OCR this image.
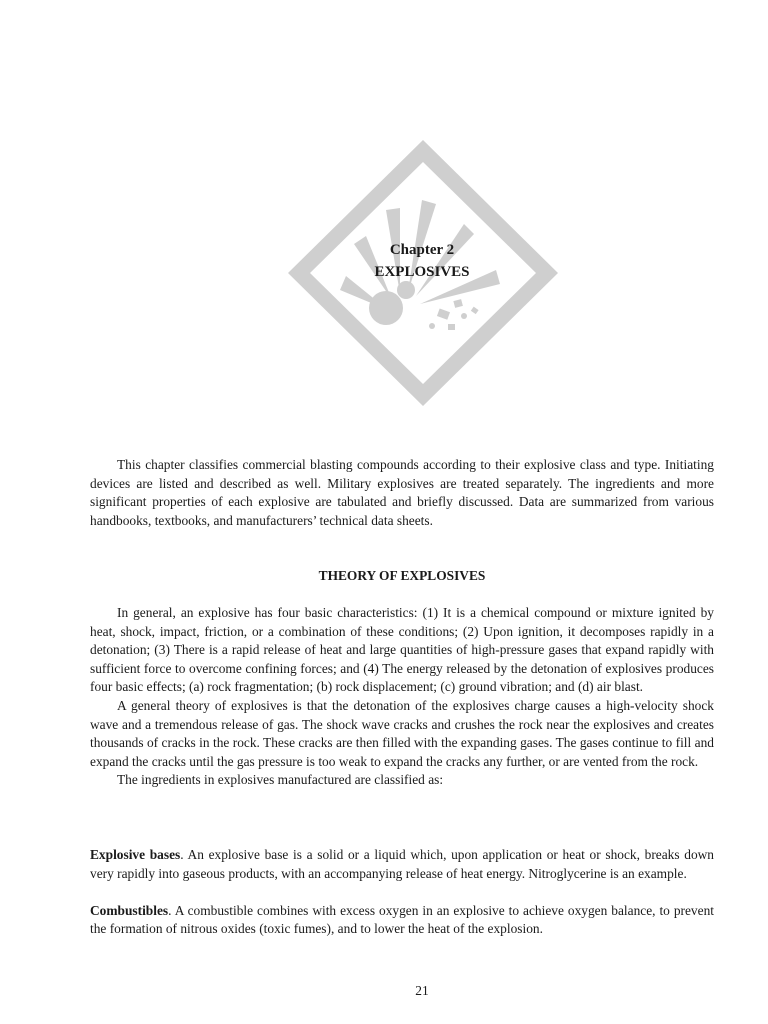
Chapter 2
EXPLOSIVES

This chapter classifies commercial blasting compounds according to their explosive class and type. Initiating devices are listed and described as well. Military explosives are treated separately. The ingredients and more significant properties of each explosive are tabulated and briefly discussed. Data are summarized from various handbooks, textbooks, and manufacturers’ technical data sheets.

THEORY OF EXPLOSIVES

In general, an explosive has four basic characteristics: (1) It is a chemical compound or mixture ignited by heat, shock, impact, friction, or a combination of these conditions; (2) Upon ignition, it decomposes rapidly in a detonation; (3) There is a rapid release of heat and large quantities of high-pressure gases that expand rapidly with sufficient force to overcome confining forces; and (4) The energy released by the detonation of explosives produces four basic effects; (a) rock fragmentation; (b) rock displacement; (c) ground vibration; and (d) air blast.

A general theory of explosives is that the detonation of the explosives charge causes a high-velocity shock wave and a tremendous release of gas. The shock wave cracks and crushes the rock near the explosives and creates thousands of cracks in the rock. These cracks are then filled with the expanding gases. The gases continue to fill and expand the cracks until the gas pressure is too weak to expand the cracks any further, or are vented from the rock.

The ingredients in explosives manufactured are classified as:

Explosive bases. An explosive base is a solid or a liquid which, upon application or heat or shock, breaks down very rapidly into gaseous products, with an accompanying release of heat energy. Nitroglycerine is an example.

Combustibles. A combustible combines with excess oxygen in an explosive to achieve oxygen balance, to prevent the formation of nitrous oxides (toxic fumes), and to lower the heat of the explosion.

21
